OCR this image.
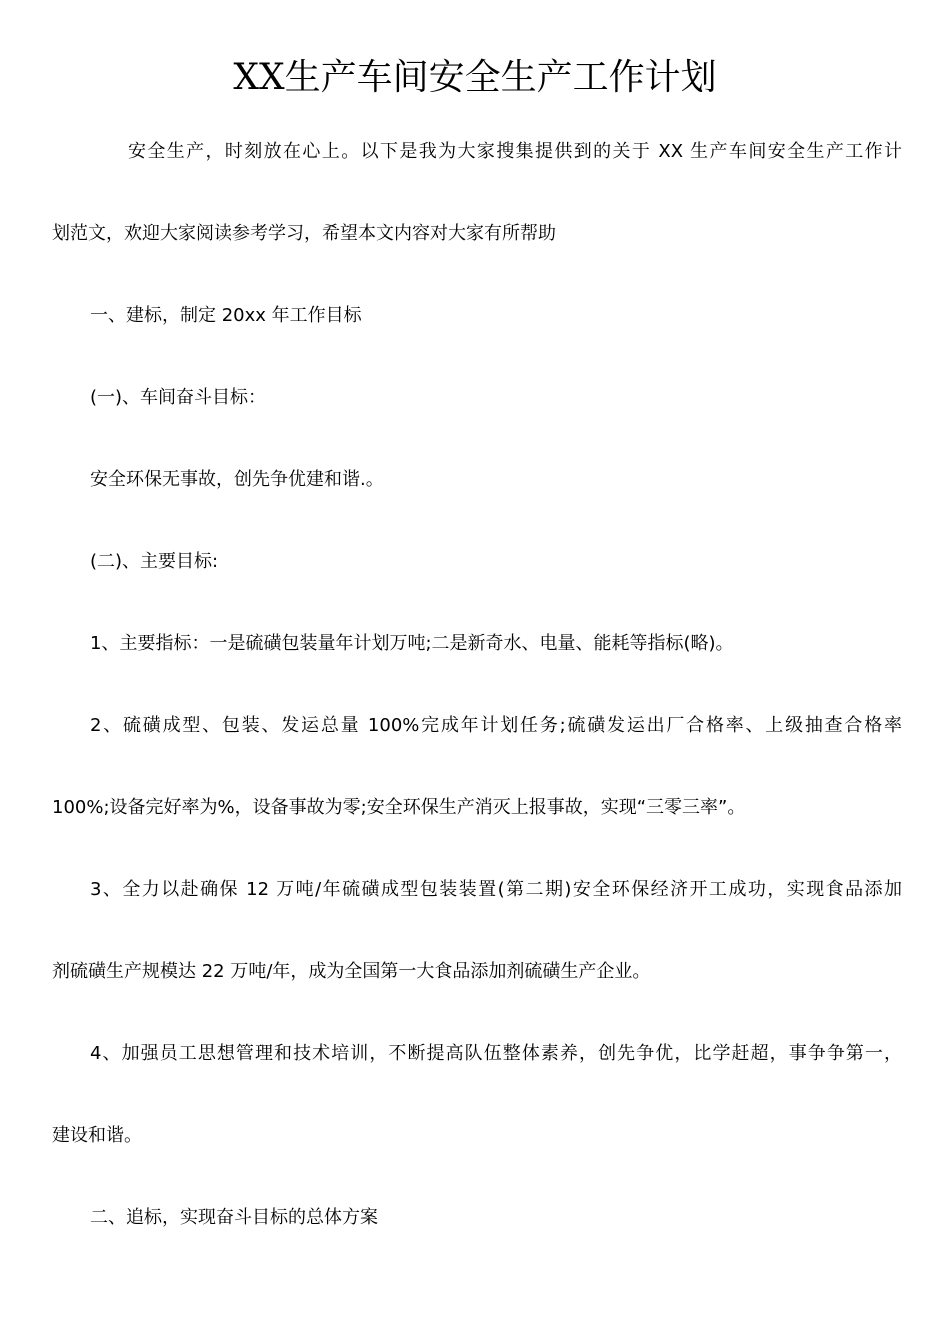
XX生产车间安全生产工作计划
安全生产，时刻放在心上。以下是我为大家搜集提供到的关于 XX 生产车间安全生产工作计
划范文，欢迎大家阅读参考学习，希望本文内容对大家有所帮助
一、建标，制定 20xx 年工作目标
(一)、车间奋斗目标：
安全环保无事故，创先争优建和谐.。
(二)、主要目标:
1、主要指标：一是硫磺包装量年计划万吨;二是新奇水、电量、能耗等指标(略)。
2、硫磺成型、包装、发运总量 100%完成年计划任务;硫磺发运出厂合格率、上级抽查合格率
100%;设备完好率为%，设备事故为零;安全环保生产消灭上报事故，实现“三零三率”。
3、全力以赴确保 12 万吨/年硫磺成型包装装置(第二期)安全环保经济开工成功，实现食品添加
剂硫磺生产规模达 22 万吨/年，成为全国第一大食品添加剂硫磺生产企业。
4、加强员工思想管理和技术培训，不断提高队伍整体素养，创先争优，比学赶超，事争争第一，
建设和谐。
二、追标，实现奋斗目标的总体方案
